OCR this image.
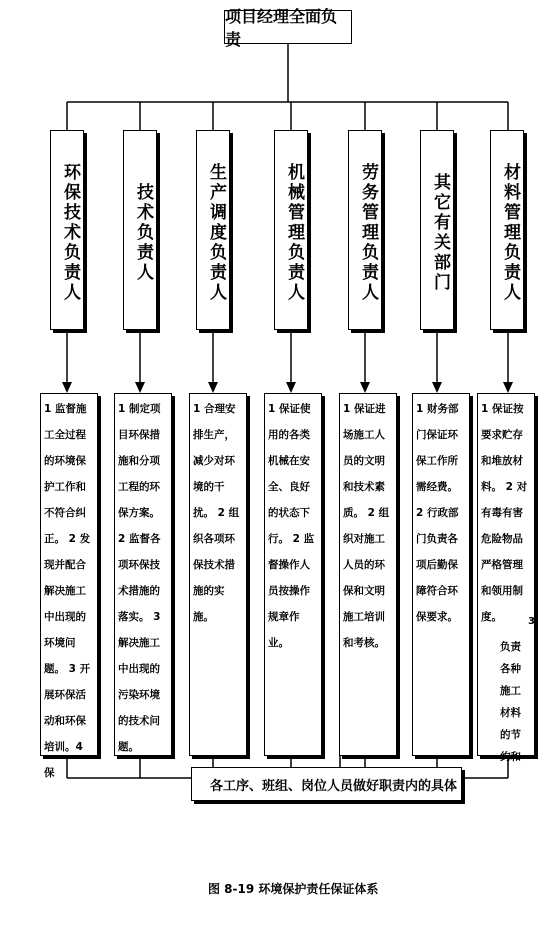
项目经理全面负责
环保技术负责人	技术负责人	生产调度负责人	机械管理负责人	劳务管理负责人	其它有关部门	材料管理负责人
1 监督施工全过程的环境保护工作和不符合纠正。 2 发现并配合解决施工中出现的环境问题。 3 开展环保活动和环保培训。4 保
1 制定项目环保措施和分项工程的环保方案。 2 监督各项环保技术措施的落实。 3 解决施工中出现的污染环境的技术问题。
1 合理安排生产，减少对环境的干扰。 2 组织各项环保技术措施的实施。
1 保证使用的各类机械在安全、良好的状态下行。 2 监督操作人员按操作规章作业。
1 保证进场施工人员的文明和技术素质。 2 组织对施工人员的环保和文明施工培训和考核。
1 财务部门保证环保工作所需经费。 2 行政部门负责各项后勤保障符合环保要求。
1 保证按要求贮存和堆放材料。 2 对有毒有害危险物品严格管理和领用制度。	3
负责各种施工材料的节约和
各工序、班组、岗位人员做好职责内的具体
图 8-19 环境保护责任保证体系
